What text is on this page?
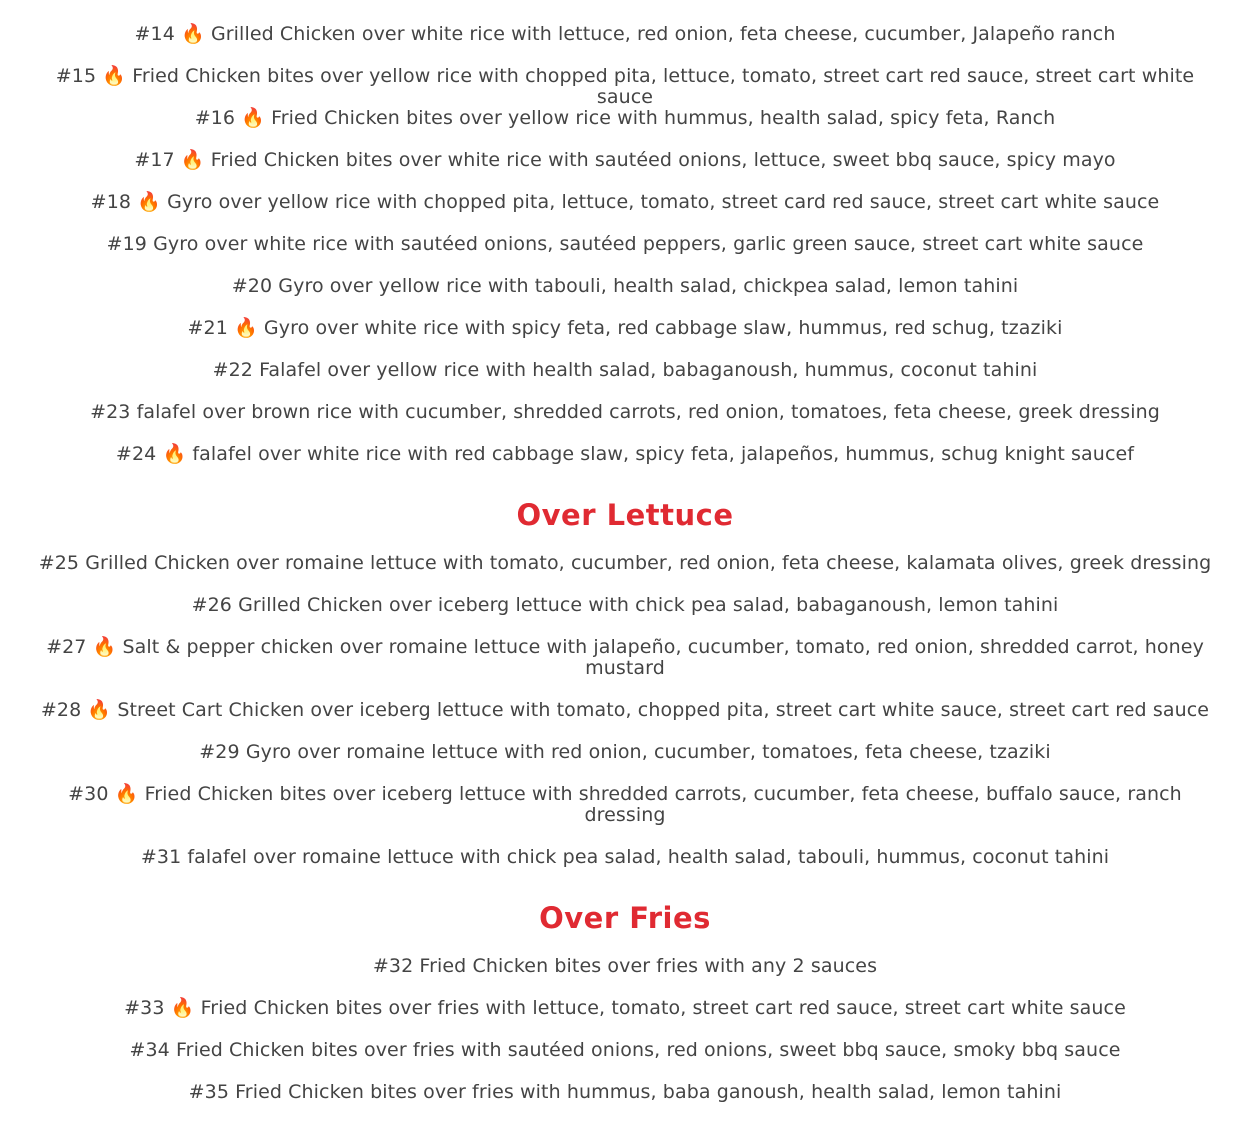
#14 🔥 Grilled Chicken over white rice with lettuce, red onion, feta cheese, cucumber, Jalapeño ranch
#15 🔥 Fried Chicken bites over yellow rice with chopped pita, lettuce, tomato, street cart red sauce, street cart white sauce
#16 🔥 Fried Chicken bites over yellow rice with hummus, health salad, spicy feta, Ranch
#17 🔥 Fried Chicken bites over white rice with sautéed onions, lettuce, sweet bbq sauce, spicy mayo
#18 🔥 Gyro over yellow rice with chopped pita, lettuce, tomato, street card red sauce, street cart white sauce
#19 Gyro over white rice with sautéed onions, sautéed peppers, garlic green sauce, street cart white sauce
#20 Gyro over yellow rice with tabouli, health salad, chickpea salad, lemon tahini
#21 🔥 Gyro over white rice with spicy feta, red cabbage slaw, hummus, red schug, tzaziki
#22 Falafel over yellow rice with health salad, babaganoush, hummus, coconut tahini
#23 falafel over brown rice with cucumber, shredded carrots, red onion, tomatoes, feta cheese, greek dressing
#24 🔥 falafel over white rice with red cabbage slaw, spicy feta, jalapeños, hummus, schug knight saucef
Over Lettuce
#25 Grilled Chicken over romaine lettuce with tomato, cucumber, red onion, feta cheese, kalamata olives, greek dressing
#26 Grilled Chicken over iceberg lettuce with chick pea salad, babaganoush, lemon tahini
#27 🔥 Salt & pepper chicken over romaine lettuce with jalapeño, cucumber, tomato, red onion, shredded carrot, honey mustard
#28 🔥 Street Cart Chicken over iceberg lettuce with tomato, chopped pita, street cart white sauce, street cart red sauce
#29 Gyro over romaine lettuce with red onion, cucumber, tomatoes, feta cheese, tzaziki
#30 🔥 Fried Chicken bites over iceberg lettuce with shredded carrots, cucumber, feta cheese, buffalo sauce, ranch dressing
#31 falafel over romaine lettuce with chick pea salad, health salad, tabouli, hummus, coconut tahini
Over Fries
#32 Fried Chicken bites over fries with any 2 sauces
#33 🔥 Fried Chicken bites over fries with lettuce, tomato, street cart red sauce, street cart white sauce
#34 Fried Chicken bites over fries with sautéed onions, red onions, sweet bbq sauce, smoky bbq sauce
#35 Fried Chicken bites over fries with hummus, baba ganoush, health salad, lemon tahini
